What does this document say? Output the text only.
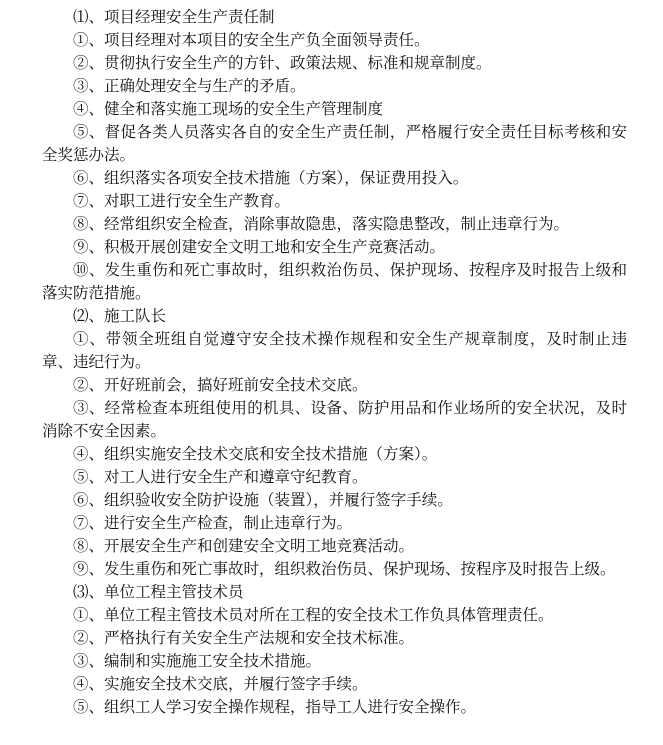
⑴、项目经理安全生产责任制

①、项目经理对本项目的安全生产负全面领导责任。

②、贯彻执行安全生产的方针、政策法规、标准和规章制度。

③、正确处理安全与生产的矛盾。

④、健全和落实施工现场的安全生产管理制度

⑤、督促各类人员落实各自的安全生产责任制，严格履行安全责任目标考核和安全奖惩办法。

⑥、组织落实各项安全技术措施（方案），保证费用投入。

⑦、对职工进行安全生产教育。

⑧、经常组织安全检查，消除事故隐患，落实隐患整改，制止违章行为。

⑨、积极开展创建安全文明工地和安全生产竞赛活动。

⑩、发生重伤和死亡事故时，组织救治伤员、保护现场、按程序及时报告上级和落实防范措施。

⑵、施工队长

①、带领全班组自觉遵守安全技术操作规程和安全生产规章制度，及时制止违章、违纪行为。

②、开好班前会，搞好班前安全技术交底。

③、经常检查本班组使用的机具、设备、防护用品和作业场所的安全状况，及时消除不安全因素。

④、组织实施安全技术交底和安全技术措施（方案）。

⑤、对工人进行安全生产和遵章守纪教育。

⑥、组织验收安全防护设施（装置），并履行签字手续。

⑦、进行安全生产检查，制止违章行为。

⑧、开展安全生产和创建安全文明工地竞赛活动。

⑨、发生重伤和死亡事故时，组织救治伤员、保护现场、按程序及时报告上级。

⑶、单位工程主管技术员

①、单位工程主管技术员对所在工程的安全技术工作负具体管理责任。

②、严格执行有关安全生产法规和安全技术标准。

③、编制和实施施工安全技术措施。

④、实施安全技术交底，并履行签字手续。

⑤、组织工人学习安全操作规程，指导工人进行安全操作。
